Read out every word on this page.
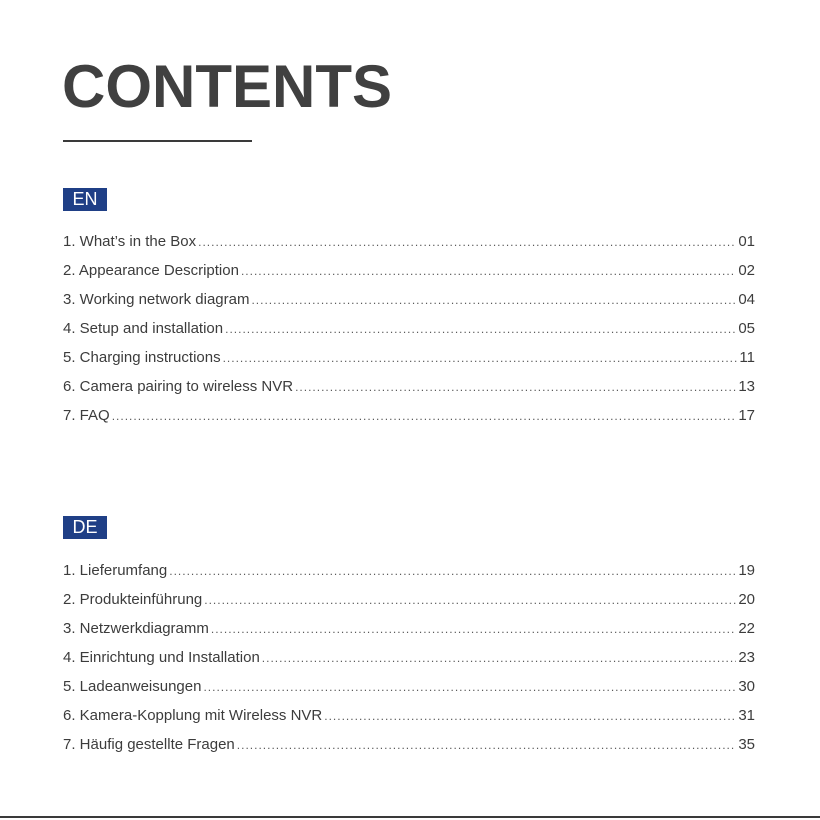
CONTENTS
EN
1. What’s in the Box .....	01
2. Appearance Description .....	02
3. Working network diagram .....	04
4. Setup and installation .....	05
5. Charging instructions .....	11
6. Camera pairing to wireless NVR .....	13
7. FAQ .....	17
DE
1. Lieferumfang .....	19
2. Produkteinführung .....	20
3. Netzwerkdiagramm .....	22
4. Einrichtung und Installation .....	23
5. Ladeanweisungen .....	30
6. Kamera-Kopplung mit Wireless NVR .....	31
7. Häufig gestellte Fragen .....	35
